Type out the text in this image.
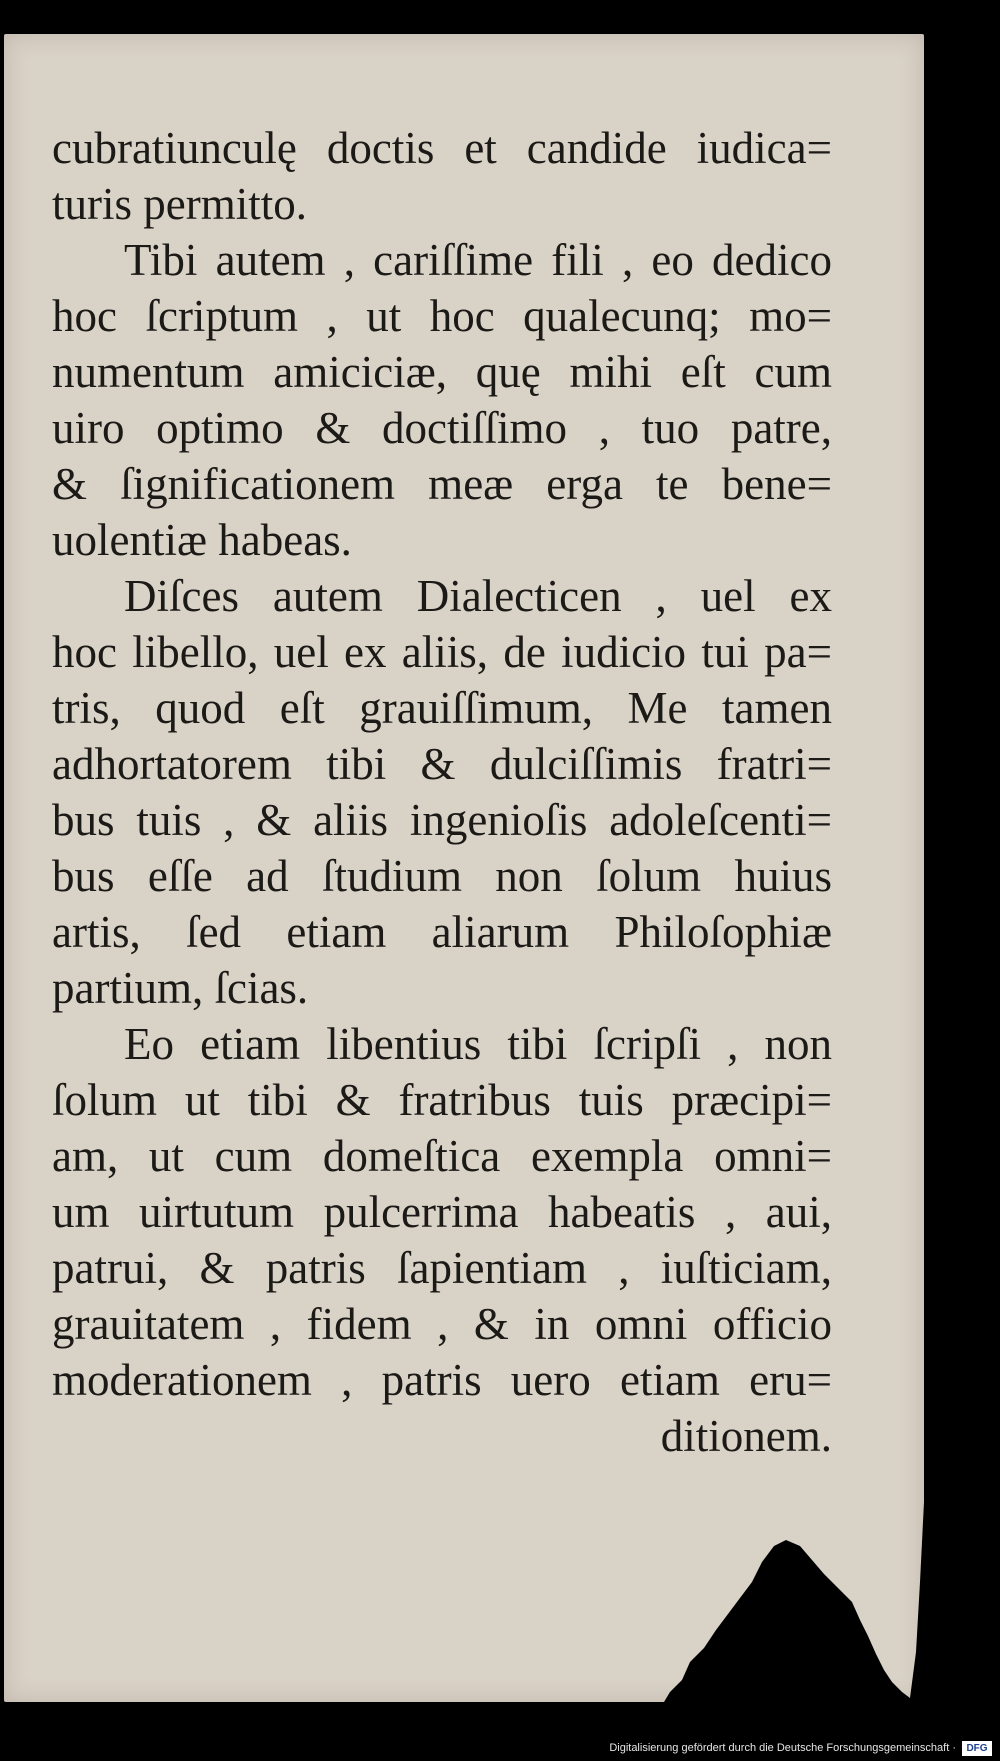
cubratiunculę doctis et candide iudica=
turis permitto.
Tibi autem , cariſſime fili , eo dedico
hoc ſcriptum , ut hoc qualecunq; mo=
numentum amiciciæ, quę mihi eſt cum
uiro optimo & doctiſſimo , tuo patre,
& ſignificationem meæ erga te bene=
uolentiæ habeas.
Diſces autem Dialecticen , uel ex
hoc libello, uel ex aliis, de iudicio tui pa=
tris, quod eſt grauiſſimum, Me tamen
adhortatorem tibi & dulciſſimis fratri=
bus tuis , & aliis ingenioſis adoleſcenti=
bus eſſe ad ſtudium non ſolum huius
artis, ſed etiam aliarum Philoſophiæ
partium, ſcias.
Eo etiam libentius tibi ſcripſi , non
ſolum ut tibi & fratribus tuis præcipi=
am, ut cum domeſtica exempla omni=
um uirtutum pulcerrima habeatis , aui,
patrui, & patris ſapientiam , iuſticiam,
grauitatem , fidem , & in omni officio
moderationem , patris uero etiam eru=
ditionem.
Digitalisierung gefördert durch die Deutsche Forschungsgemeinschaft ·	DFG
